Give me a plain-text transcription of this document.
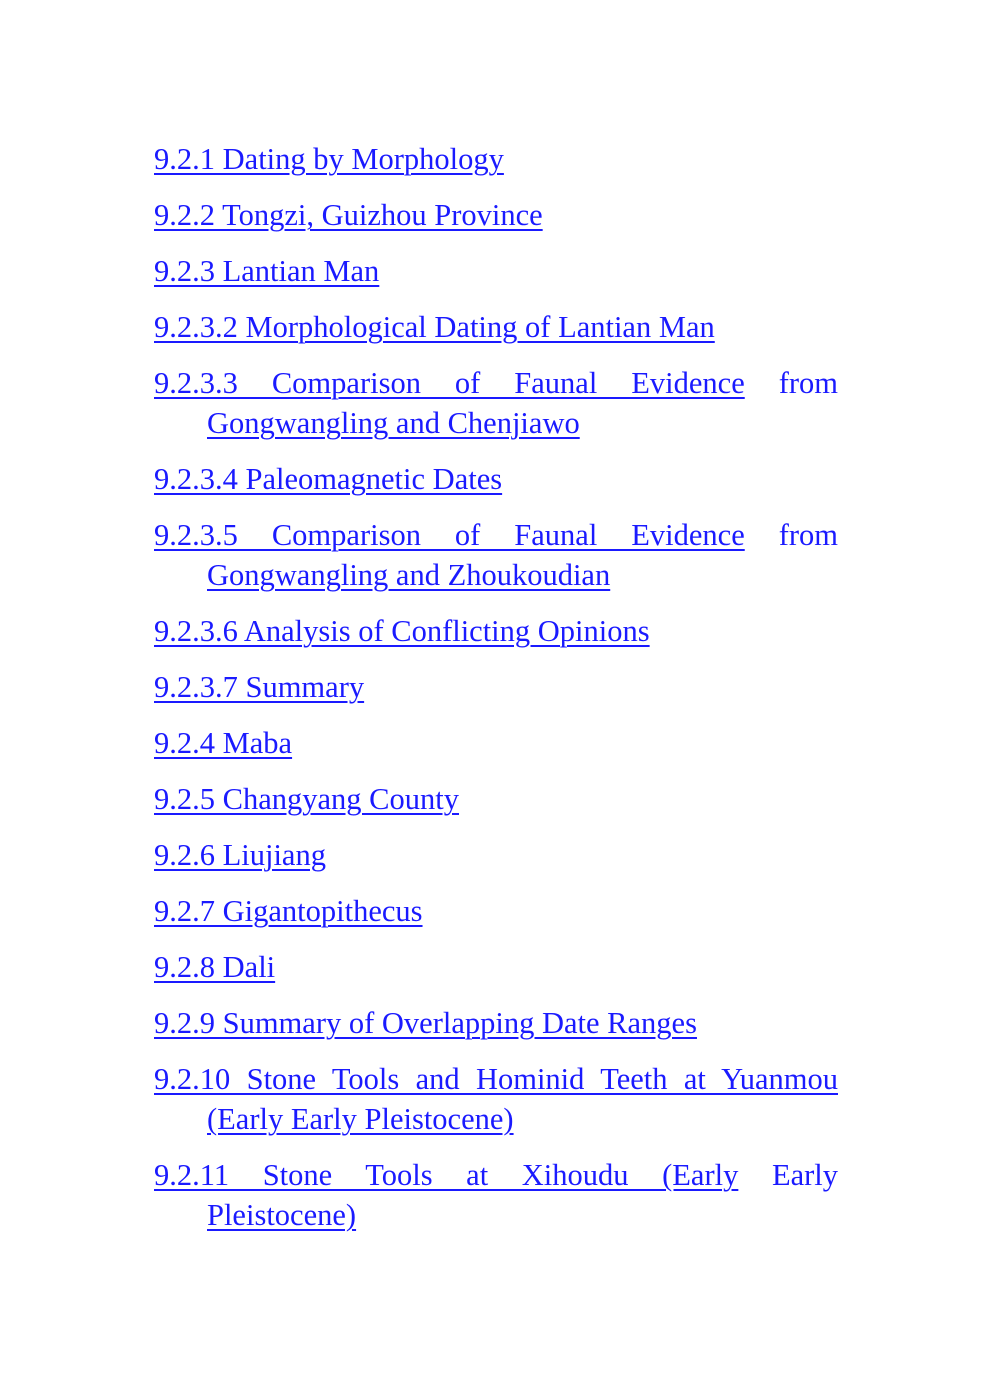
9.2.1 Dating by Morphology

9.2.2 Tongzi, Guizhou Province

9.2.3 Lantian Man

9.2.3.2 Morphological Dating of Lantian Man

9.2.3.3 Comparison of Faunal Evidence from Gongwangling and Chenjiawo

9.2.3.4 Paleomagnetic Dates

9.2.3.5 Comparison of Faunal Evidence from Gongwangling and Zhoukoudian

9.2.3.6 Analysis of Conflicting Opinions

9.2.3.7 Summary

9.2.4 Maba

9.2.5 Changyang County

9.2.6 Liujiang

9.2.7 Gigantopithecus

9.2.8 Dali

9.2.9 Summary of Overlapping Date Ranges

9.2.10 Stone Tools and Hominid Teeth at Yuanmou (Early Early Pleistocene)

9.2.11 Stone Tools at Xihoudu (Early Early Pleistocene)
